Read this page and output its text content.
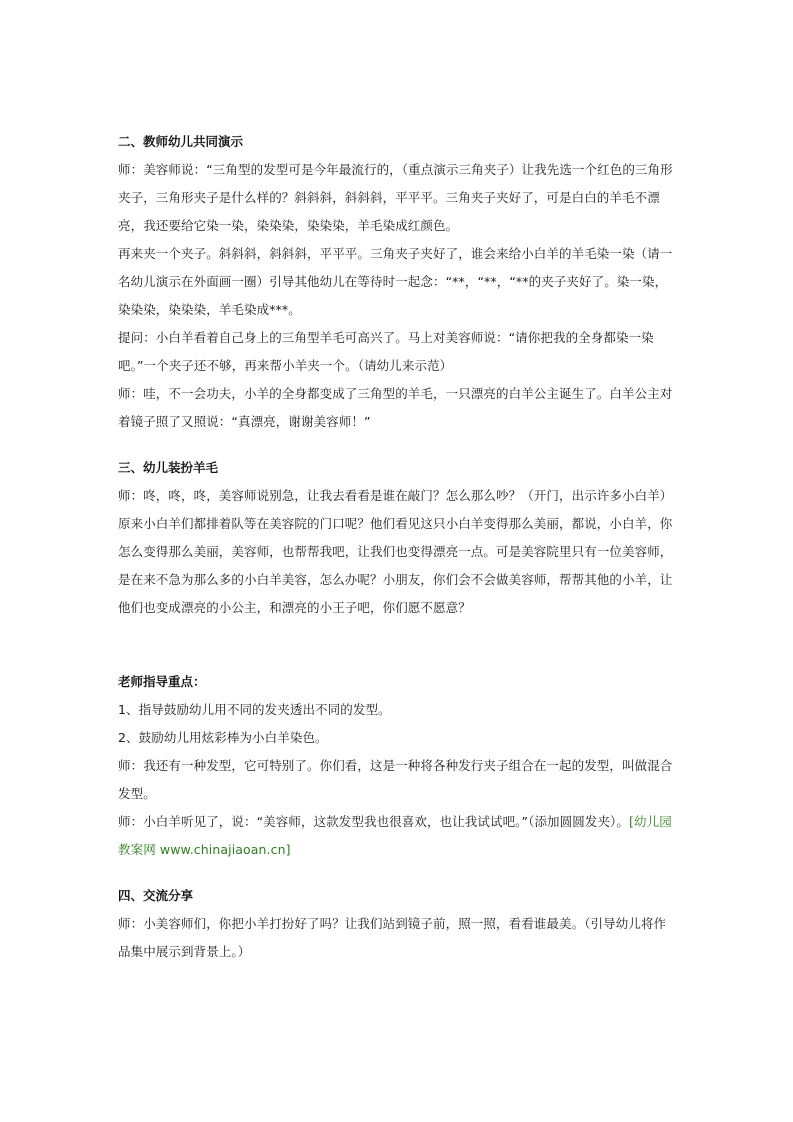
二、教师幼儿共同演示

师：美容师说：“三角型的发型可是今年最流行的，（重点演示三角夹子）让我先选一个红色的三角形夹子，三角形夹子是什么样的？斜斜斜，斜斜斜，平平平。三角夹子夹好了，可是白白的羊毛不漂亮，我还要给它染一染，染染染，染染染，羊毛染成红颜色。

再来夹一个夹子。斜斜斜，斜斜斜，平平平。三角夹子夹好了，谁会来给小白羊的羊毛染一染（请一名幼儿演示在外面画一圈）引导其他幼儿在等待时一起念：“**，“**，“**的夹子夹好了。染一染，染染染，染染染，羊毛染成***。

提问：小白羊看着自己身上的三角型羊毛可高兴了。马上对美容师说：“请你把我的全身都染一染吧。”一个夹子还不够，再来帮小羊夹一个。（请幼儿来示范）

师：哇，不一会功夫，小羊的全身都变成了三角型的羊毛，一只漂亮的白羊公主诞生了。白羊公主对着镜子照了又照说：“真漂亮，谢谢美容师！”

三、幼儿装扮羊毛

师：咚，咚，咚，美容师说别急，让我去看看是谁在敲门？怎么那么吵？（开门，出示许多小白羊）原来小白羊们都排着队等在美容院的门口呢？他们看见这只小白羊变得那么美丽，都说，小白羊，你怎么变得那么美丽，美容师，也帮帮我吧，让我们也变得漂亮一点。可是美容院里只有一位美容师，是在来不急为那么多的小白羊美容，怎么办呢？小朋友，你们会不会做美容师，帮帮其他的小羊，让他们也变成漂亮的小公主，和漂亮的小王子吧，你们愿不愿意？

老师指导重点：

1、指导鼓励幼儿用不同的发夹透出不同的发型。

2、鼓励幼儿用炫彩棒为小白羊染色。

师：我还有一种发型，它可特别了。你们看，这是一种将各种发行夹子组合在一起的发型，叫做混合发型。

师：小白羊听见了，说：“美容师，这款发型我也很喜欢，也让我试试吧。”（添加圆圆发夹）。[幼儿园教案网 www.chinajiaoan.cn]

四、交流分享

师：小美容师们，你把小羊打扮好了吗？让我们站到镜子前，照一照，看看谁最美。（引导幼儿将作品集中展示到背景上。）
